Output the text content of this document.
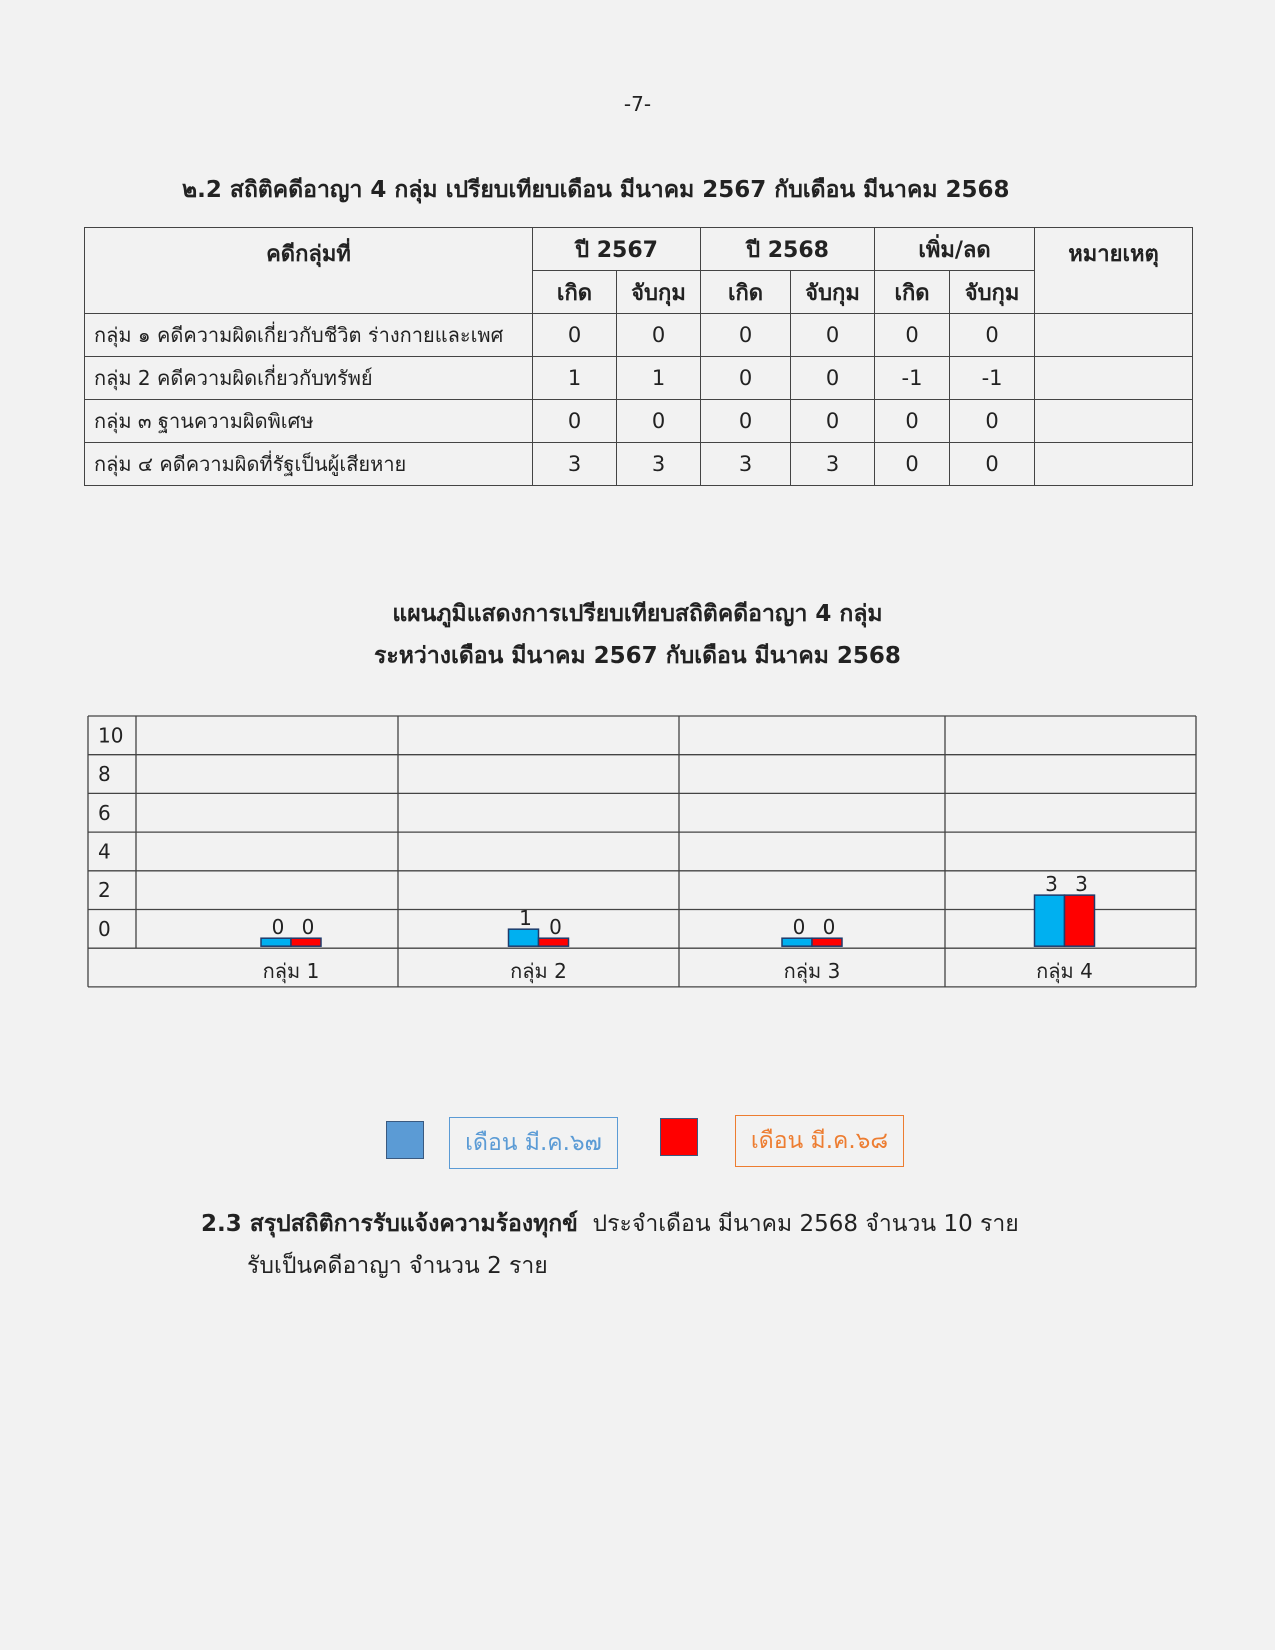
-7-
๒.2 สถิติคดีอาญา 4 กลุ่ม เปรียบเทียบเดือน มีนาคม 2567 กับเดือน มีนาคม 2568
คดีกลุ่มที่	ปี 2567		ปี 2568		เพิ่ม/ลด		หมายเหตุ
	เกิด	จับกุม	เกิด	จับกุม	เกิด	จับกุม	
กลุ่ม ๑ คดีความผิดเกี่ยวกับชีวิต ร่างกายและเพศ	0	0	0	0	0	0	
กลุ่ม 2 คดีความผิดเกี่ยวกับทรัพย์	1	1	0	0	-1	-1	
กลุ่ม ๓ ฐานความผิดพิเศษ	0	0	0	0	0	0	
กลุ่ม ๔ คดีความผิดที่รัฐเป็นผู้เสียหาย	3	3	3	3	0	0	
แผนภูมิแสดงการเปรียบเทียบสถิติคดีอาญา 4 กลุ่ม
ระหว่างเดือน มีนาคม 2567 กับเดือน มีนาคม 2568
10
8
6
4
2
0
กลุ่ม 1
0 0
กลุ่ม 2
1 0
กลุ่ม 3
0 0
กลุ่ม 4
3 3
เดือน มี.ค.๖๗	เดือน มี.ค.๖๘
2.3 สรุปสถิติการรับแจ้งความร้องทุกข์ ประจำเดือน มีนาคม 2568 จำนวน 10 ราย
รับเป็นคดีอาญา จำนวน 2 ราย
